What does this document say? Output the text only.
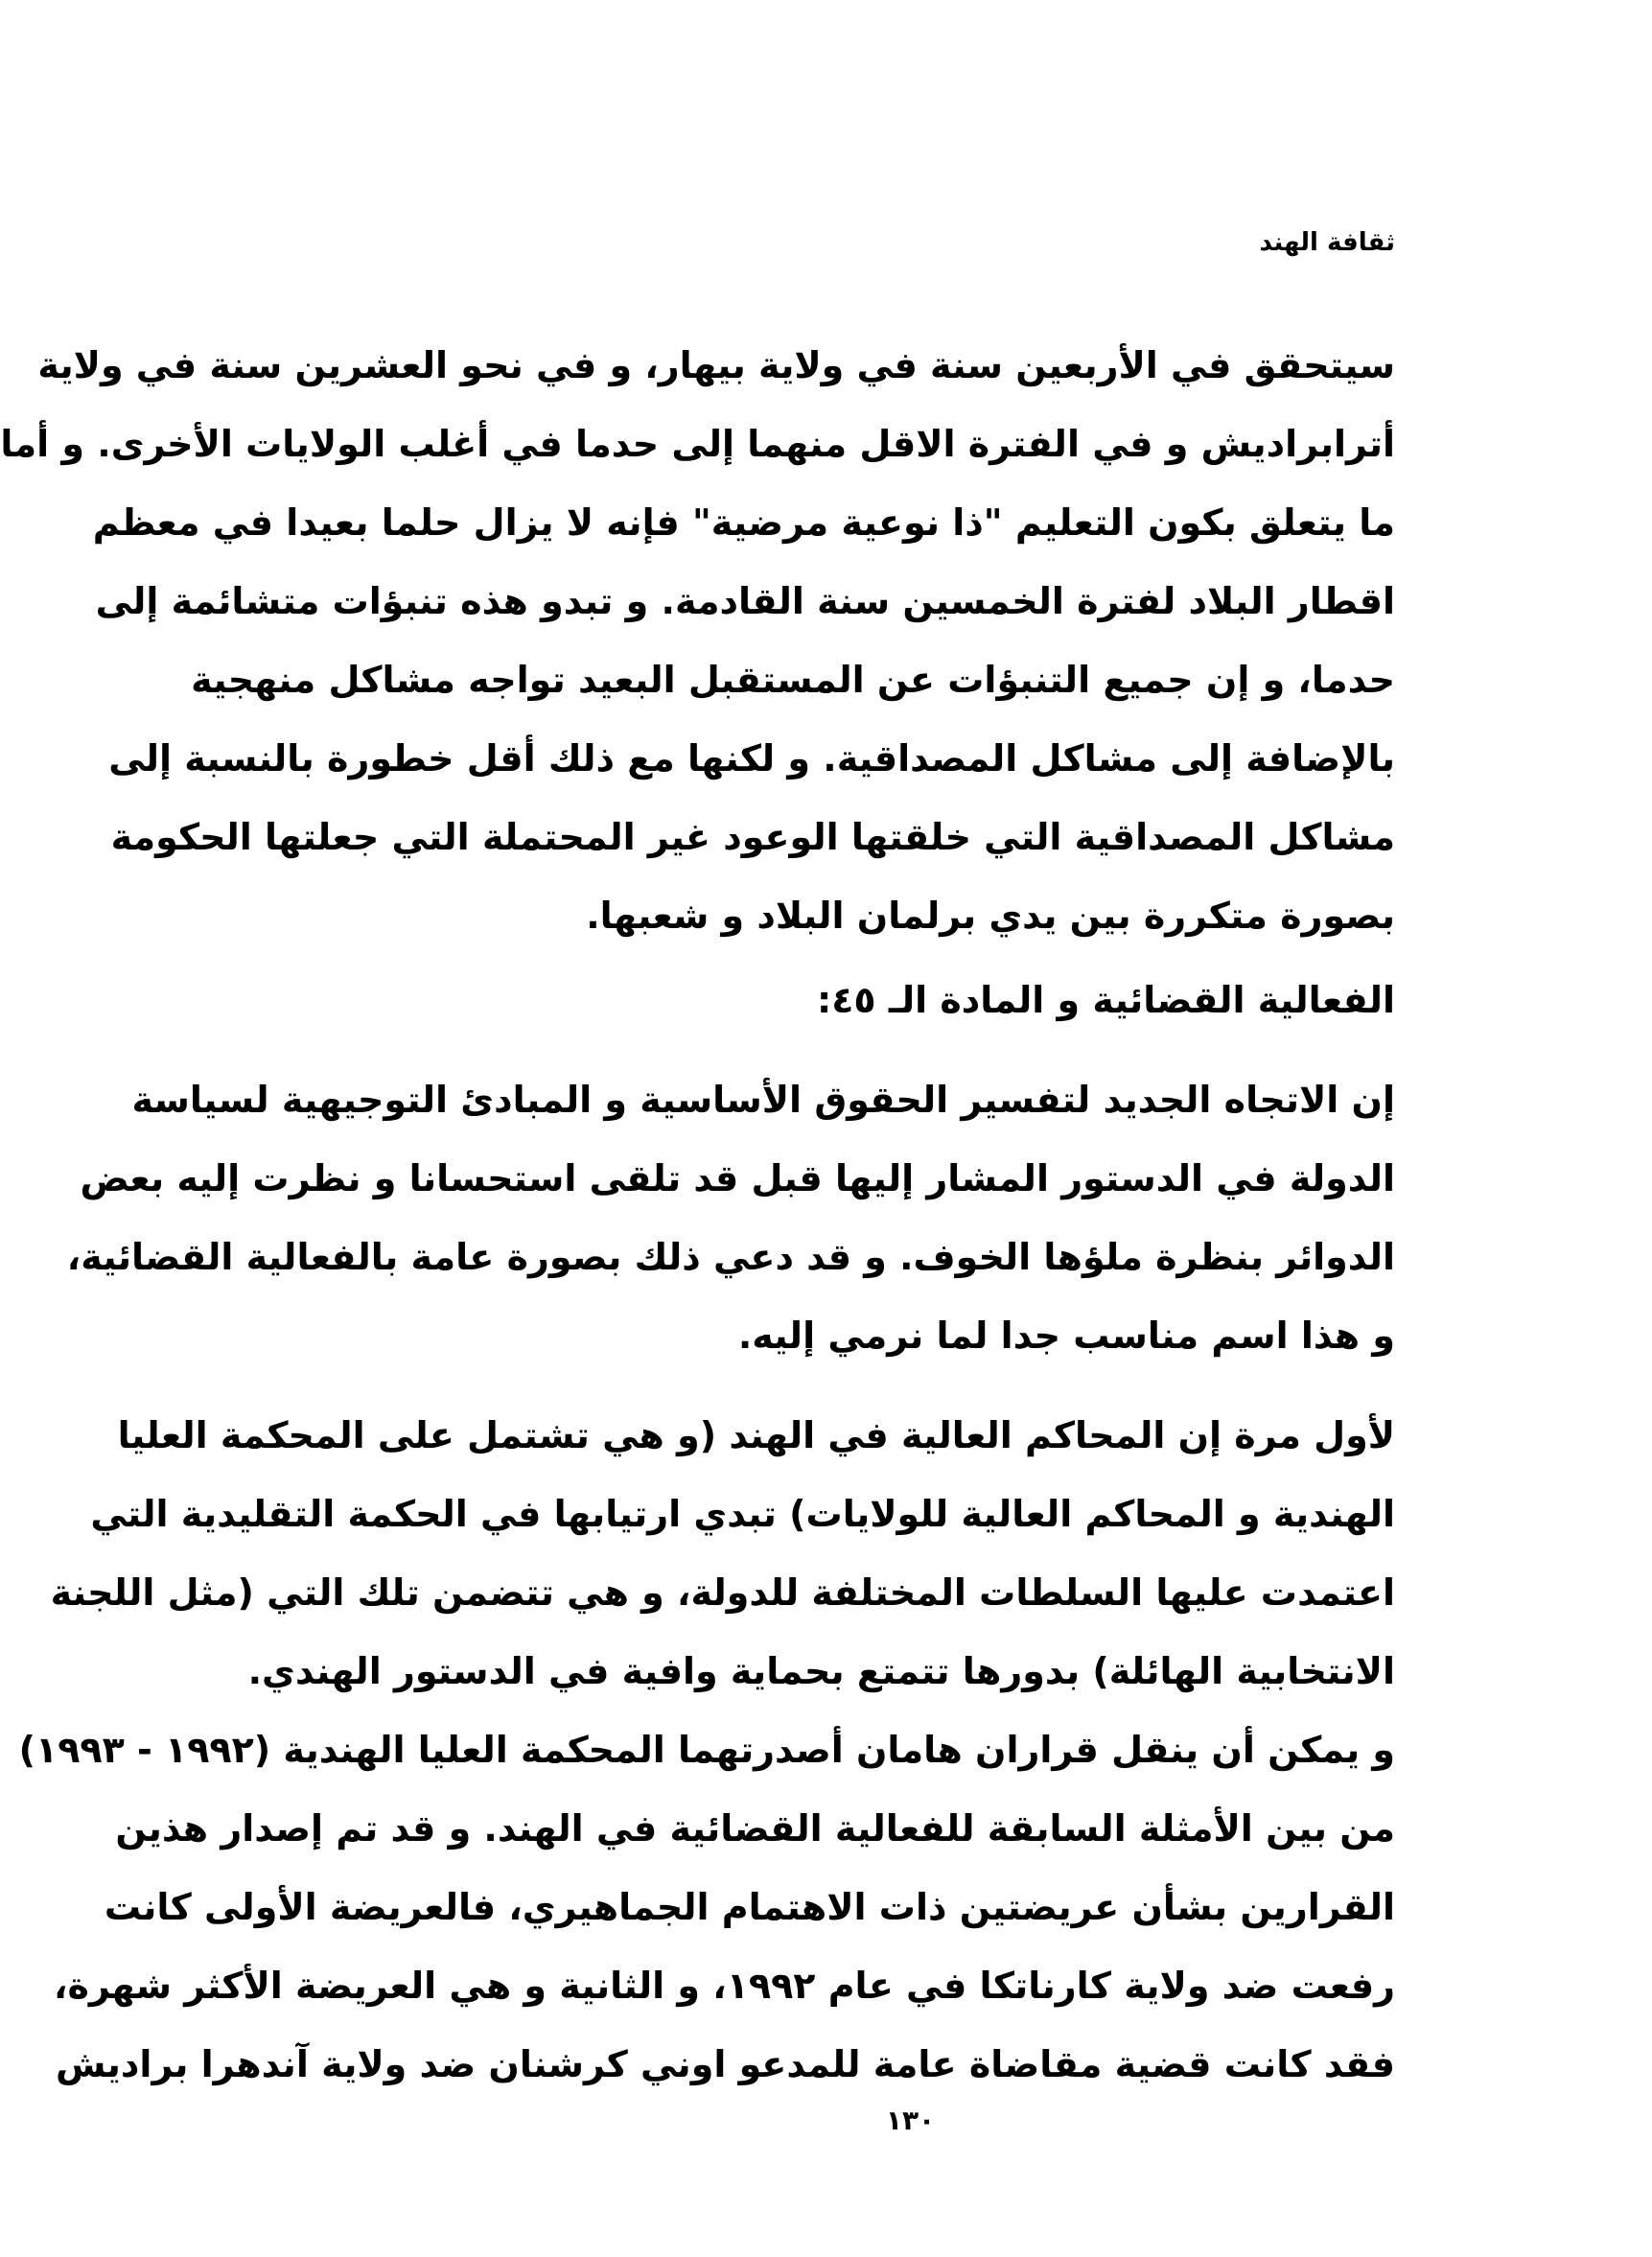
ثقافة الهند
سيتحقق في الأربعين سنة في ولاية بيهار، و في نحو العشرين سنة في ولاية
أترابراديش و في الفترة الاقل منهما إلى حدما في أغلب الولايات الأخرى. و أما
ما يتعلق بكون التعليم "ذا نوعية مرضية" فإنه لا يزال حلما بعيدا في معظم
اقطار البلاد لفترة الخمسين سنة القادمة. و تبدو هذه تنبؤات متشائمة إلى
حدما، و إن جميع التنبؤات عن المستقبل البعيد تواجه مشاكل منهجية
بالإضافة إلى مشاكل المصداقية. و لكنها مع ذلك أقل خطورة بالنسبة إلى
مشاكل المصداقية التي خلقتها الوعود غير المحتملة التي جعلتها الحكومة
بصورة متكررة بين يدي برلمان البلاد و شعبها.
الفعالية القضائية و المادة الـ ٤٥:
إن الاتجاه الجديد لتفسير الحقوق الأساسية و المبادئ التوجيهية لسياسة
الدولة في الدستور المشار إليها قبل قد تلقى استحسانا و نظرت إليه بعض
الدوائر بنظرة ملؤها الخوف. و قد دعي ذلك بصورة عامة بالفعالية القضائية،
و هذا اسم مناسب جدا لما نرمي إليه.
لأول مرة إن المحاكم العالية في الهند (و هي تشتمل على المحكمة العليا
الهندية و المحاكم العالية للولايات) تبدي ارتيابها في الحكمة التقليدية التي
اعتمدت عليها السلطات المختلفة للدولة، و هي تتضمن تلك التي (مثل اللجنة
الانتخابية الهائلة) بدورها تتمتع بحماية وافية في الدستور الهندي.
و يمكن أن ينقل قراران هامان أصدرتهما المحكمة العليا الهندية (١٩٩٢ - ١٩٩٣)
من بين الأمثلة السابقة للفعالية القضائية في الهند. و قد تم إصدار هذين
القرارين بشأن عريضتين ذات الاهتمام الجماهيري، فالعريضة الأولى كانت
رفعت ضد ولاية كارناتكا في عام ١٩٩٢، و الثانية و هي العريضة الأكثر شهرة،
فقد كانت قضية مقاضاة عامة للمدعو اوني كرشنان ضد ولاية آندهرا براديش
١٣٠
